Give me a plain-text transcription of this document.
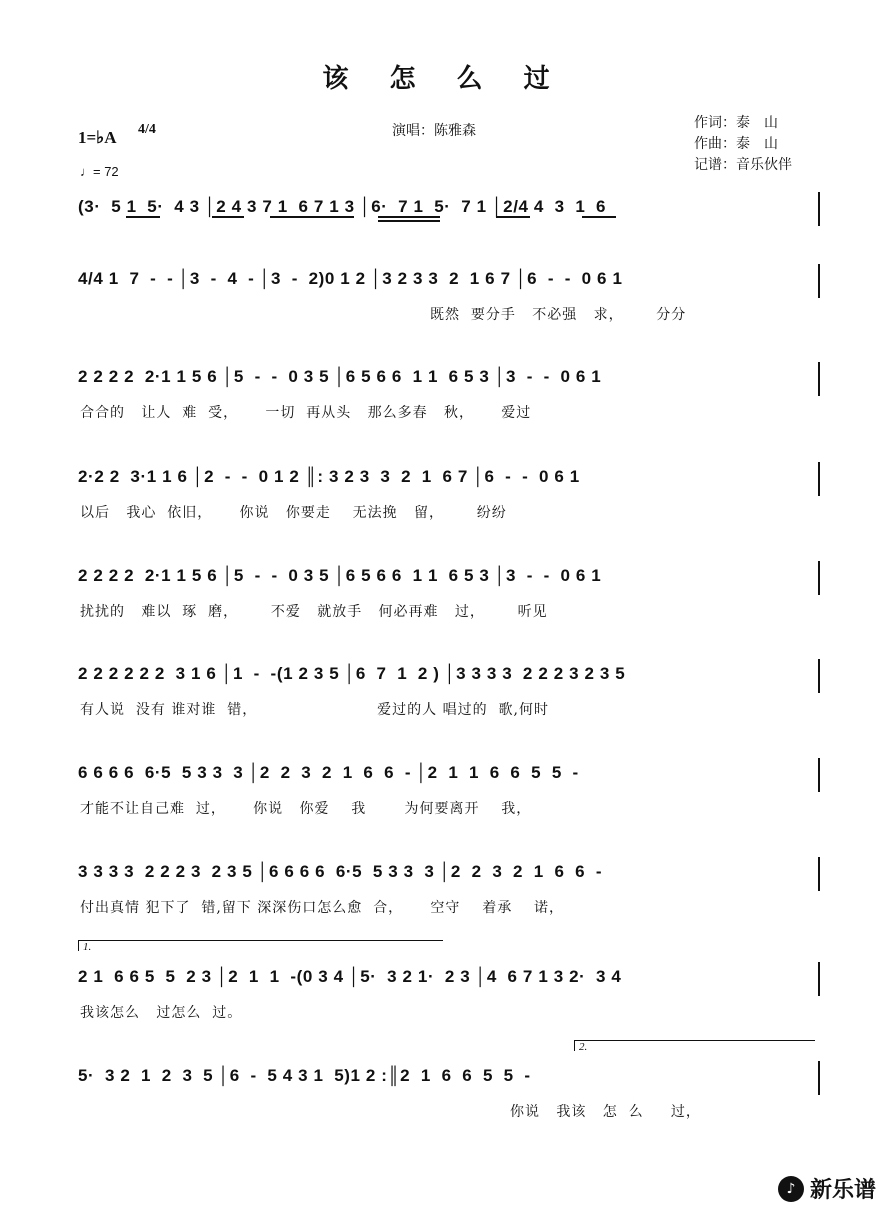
该 怎 么 过
演唱：陈雅森	作词：泰　山
作曲：泰　山
记谱：音乐伙伴
1=♭A 4/4
♩= 72
(3·  5 1  5·  4 3 │2 4 3 7 1  6 7 1 3 │6·  7 1  5·  7 1 │2/4 4  3  1  6
4/4 1  7  -  - │3  -  4  - │3  -  2)0 1 2 │3 2 3 3  2  1 6 7 │6  -  -  0 6 1
既然  要分手   不必强   求，      分分
2 2 2 2  2·1 1 5 6 │5  -  -  0 3 5 │6 5 6 6  1 1  6 5 3 │3  -  -  0 6 1
合合的   让人  难  受，     一切  再从头   那么多春   秋，     爱过
2·2 2  3·1 1 6 │2  -  -  0 1 2 ║: 3 2 3  3  2  1  6 7 │6  -  -  0 6 1
以后   我心  依旧，     你说   你要走    无法挽   留，      纷纷
2 2 2 2  2·1 1 5 6 │5  -  -  0 3 5 │6 5 6 6  1 1  6 5 3 │3  -  -  0 6 1
扰扰的   难以  琢  磨，      不爱   就放手   何必再难   过，      听见
2 2 2 2 2 2  3 1 6 │1  -  -(1 2 3 5 │6  7  1  2 ) │3 3 3 3  2 2 2 3 2 3 5
有人说  没有 谁对谁  错，                      爱过的人 唱过的  歌,何时
6 6 6 6  6·5  5 3 3  3 │2  2  3  2  1  6  6  - │2  1  1  6  6  5  5  -
才能不让自己难  过，     你说   你爱    我       为何要离开    我，
3 3 3 3  2 2 2 3  2 3 5 │6 6 6 6  6·5  5 3 3  3 │2  2  3  2  1  6  6  -
付出真情 犯下了  错,留下 深深伤口怎么愈  合，     空守    着承    诺，
1.
2 1  6 6 5  5  2 3 │2  1  1  -(0 3 4 │5·  3 2 1·  2 3 │4  6 7 1 3 2·  3 4
我该怎么   过怎么  过。
2.
5·  3 2  1  2  3  5 │6  -  5 4 3 1  5)1 2 :║2  1  6  6  5  5  -
你说   我该   怎  么     过，
♪ 新乐谱
